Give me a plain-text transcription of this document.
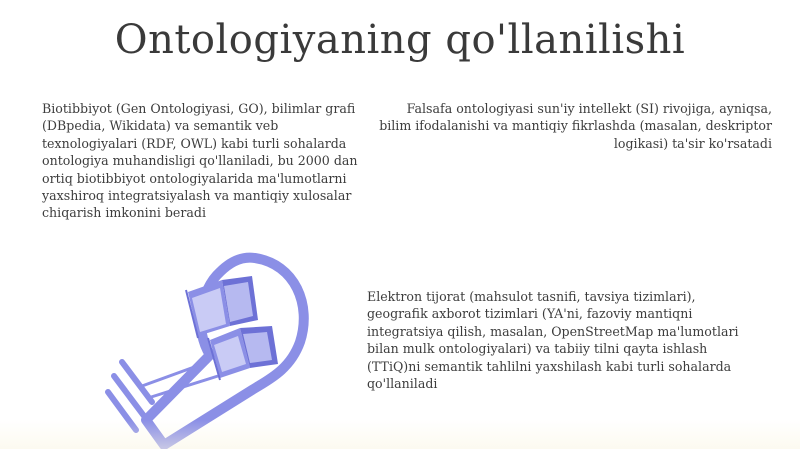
Ontologiyaning qo'llanilishi
Biotibbiyot (Gen Ontologiyasi, GO), bilimlar grafi (DBpedia, Wikidata) va semantik veb texnologiyalari (RDF, OWL) kabi turli sohalarda ontologiya muhandisligi qo'llaniladi, bu 2000 dan ortiq biotibbiyot ontologiyalarida ma'lumotlarni yaxshiroq integratsiyalash va mantiqiy xulosalar chiqarish imkonini beradi
Falsafa ontologiyasi sun'iy intellekt (SI) rivojiga, ayniqsa, bilim ifodalanishi va mantiqiy fikrlashda (masalan, deskriptor logikasi) ta'sir ko'rsatadi
Elektron tijorat (mahsulot tasnifi, tavsiya tizimlari), geografik axborot tizimlari (YA'ni, fazoviy mantiqni integratsiya qilish, masalan, OpenStreetMap ma'lumotlari bilan mulk ontologiyalari) va tabiiy tilni qayta ishlash (TTiQ)ni semantik tahlilni yaxshilash kabi turli sohalarda qo'llaniladi
